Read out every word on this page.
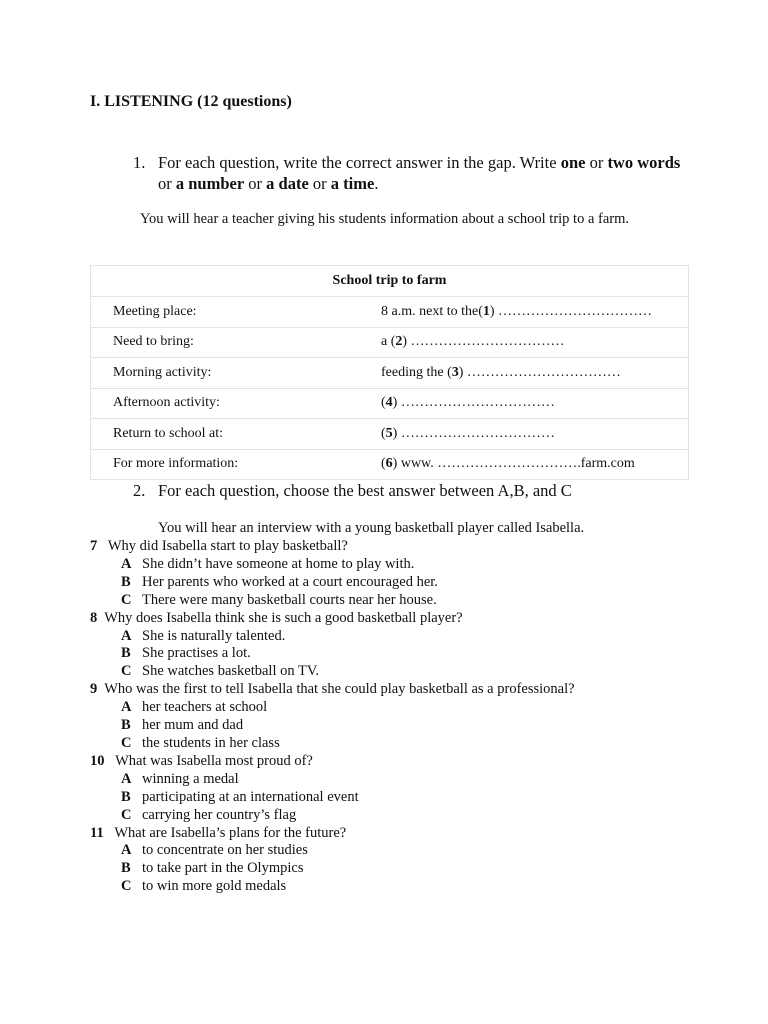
I. LISTENING (12 questions)
1. For each question, write the correct answer in the gap. Write one or two words or a number or a date or a time.
You will hear a teacher giving his students information about a school trip to a farm.
School trip to farm	
Meeting place:	8 a.m. next to the(1) ……………………………
Need to bring:	a (2) ……………………………
Morning activity:	feeding the (3) ……………………………
Afternoon activity:	(4) ……………………………
Return to school at:	(5) ……………………………
For more information:	(6) www. ………………………….farm.com
2. For each question, choose the best answer between A,B, and C
You will hear an interview with a young basketball player called Isabella.
7 Why did Isabella start to play basketball?
A She didn’t have someone at home to play with.
B Her parents who worked at a court encouraged her.
C There were many basketball courts near her house.
8 Why does Isabella think she is such a good basketball player?
A She is naturally talented.
B She practises a lot.
C She watches basketball on TV.
9 Who was the first to tell Isabella that she could play basketball as a professional?
A her teachers at school
B her mum and dad
C the students in her class
10 What was Isabella most proud of?
A winning a medal
B participating at an international event
C carrying her country’s flag
11 What are Isabella’s plans for the future?
A to concentrate on her studies
B to take part in the Olympics
C to win more gold medals
